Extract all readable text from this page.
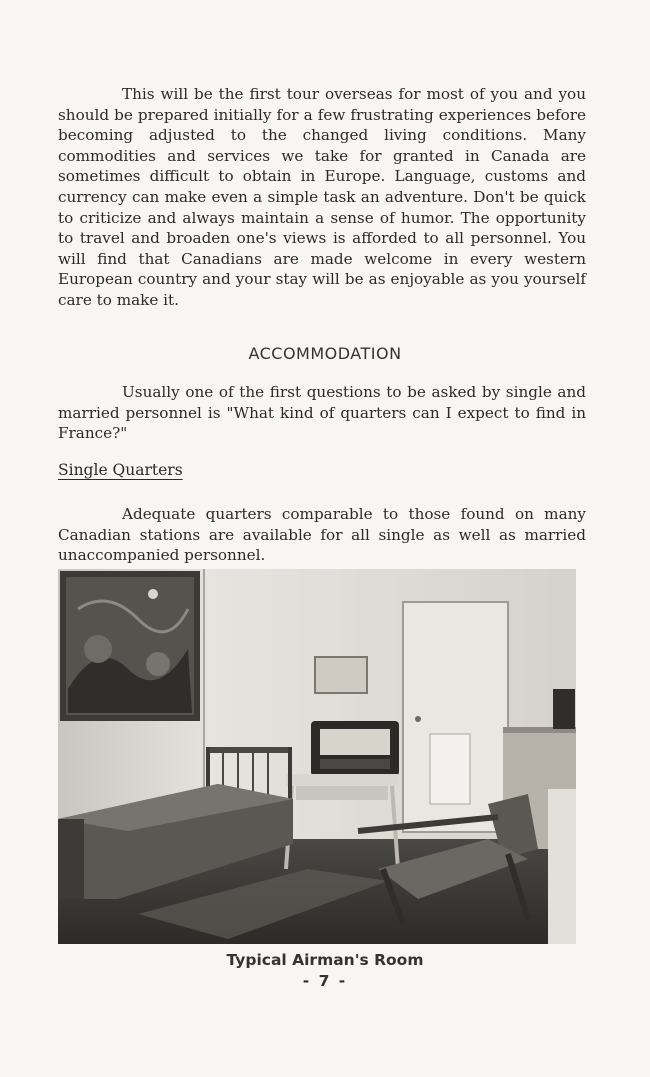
This will be the first tour overseas for most of you and you should be prepared initially for a few frustrating experiences before becoming adjusted to the changed living conditions. Many commodities and services we take for granted in Canada are sometimes difficult to obtain in Europe. Language, customs and currency can make even a simple task an adventure. Don't be quick to criticize and always maintain a sense of humor. The opportunity to travel and broaden one's views is afforded to all personnel. You will find that Canadians are made welcome in every western European country and your stay will be as enjoyable as you yourself care to make it.

ACCOMMODATION

Usually one of the first questions to be asked by single and married personnel is "What kind of quarters can I expect to find in France?"

Single Quarters

Adequate quarters comparable to those found on many Canadian stations are available for all single as well as married unaccompanied personnel.

Typical Airman's Room
- 7 -
